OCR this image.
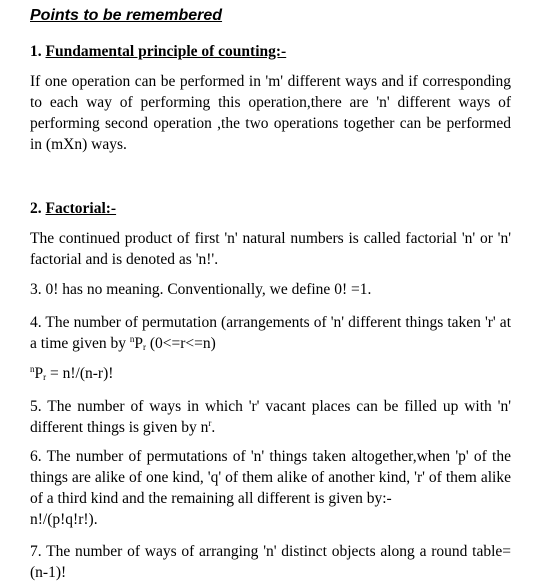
Points to be remembered
1. Fundamental principle of counting:-

If one operation can be performed in 'm' different ways and if corresponding to each way of performing this operation,there are 'n' different ways of performing second operation ,the two operations together can be performed in (mXn) ways.

2. Factorial:-

The continued product of first 'n' natural numbers is called factorial 'n' or 'n' factorial and is denoted as 'n!'.

3. 0! has no meaning. Conventionally, we define 0! =1.

4. The number of permutation (arrangements of 'n' different things taken 'r' at a time given by $^nP_r$ (0<=r<=n)

$^nP_r = n!/(n-r)$!

5. The number of ways in which 'r' vacant places can be filled up with 'n' different things is given by $n^r$.

6. The number of permutations of 'n' things taken altogether,when 'p' of the things are alike of one kind, 'q' of them alike of another kind, 'r' of them alike of a third kind and the remaining all different is given by:-
n!/(p!q!r!).

7. The number of ways of arranging 'n' distinct objects along a round table= (n-1)!
